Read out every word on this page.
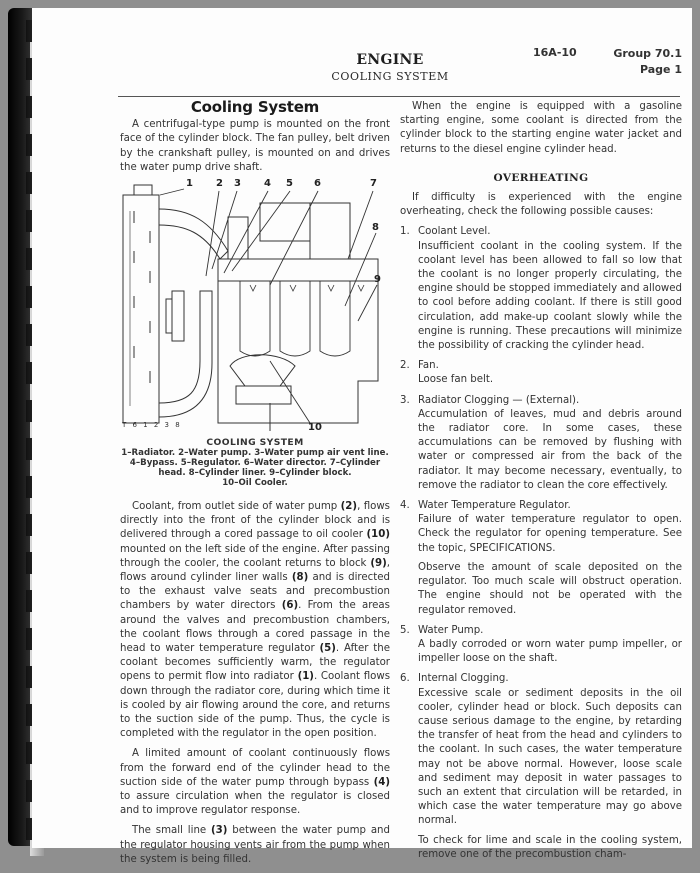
ENGINE
COOLING SYSTEM
16A-10	Group 70.1
Page 1
Cooling System

A centrifugal-type pump is mounted on the front face of the cylinder block. The fan pulley, belt driven by the crankshaft pulley, is mounted on and drives the water pump drive shaft.

1 2 3 4 5 6	7
8
9
10
T 6 1 2 3 8
COOLING SYSTEM
1–Radiator. 2–Water pump. 3–Water pump air vent line.
4–Bypass. 5–Regulator. 6–Water director. 7–Cylinder
head. 8–Cylinder liner. 9–Cylinder block.
10–Oil Cooler.

Coolant, from outlet side of water pump (2), flows directly into the front of the cylinder block and is delivered through a cored passage to oil cooler (10) mounted on the left side of the engine. After passing through the cooler, the coolant returns to block (9), flows around cylinder liner walls (8) and is directed to the exhaust valve seats and precombustion chambers by water directors (6). From the areas around the valves and precombustion chambers, the coolant flows through a cored passage in the head to water temperature regulator (5). After the coolant becomes sufficiently warm, the regulator opens to permit flow into radiator (1). Coolant flows down through the radiator core, during which time it is cooled by air flowing around the core, and returns to the suction side of the pump. Thus, the cycle is completed with the regulator in the open position.

A limited amount of coolant continuously flows from the forward end of the cylinder head to the suction side of the water pump through bypass (4) to assure circulation when the regulator is closed and to improve regulator response.

The small line (3) between the water pump and the regulator housing vents air from the pump when the system is being filled.

When the engine is equipped with a gasoline starting engine, some coolant is directed from the cylinder block to the starting engine water jacket and returns to the diesel engine cylinder head.

OVERHEATING

If difficulty is experienced with the engine overheating, check the following possible causes:

1. Coolant Level.

Insufficient coolant in the cooling system. If the coolant level has been allowed to fall so low that the coolant is no longer properly circulating, the engine should be stopped immediately and allowed to cool before adding coolant. If there is still good circulation, add make-up coolant slowly while the engine is running. These precautions will minimize the possibility of cracking the cylinder head.

2. Fan.

Loose fan belt.

3. Radiator Clogging — (External).

Accumulation of leaves, mud and debris around the radiator core. In some cases, these accumulations can be removed by flushing with water or compressed air from the back of the radiator. It may become necessary, eventually, to remove the radiator to clean the core effectively.

4. Water Temperature Regulator.

Failure of water temperature regulator to open. Check the regulator for opening temperature. See the topic, SPECIFICATIONS.

Observe the amount of scale deposited on the regulator. Too much scale will obstruct operation. The engine should not be operated with the regulator removed.

5. Water Pump.

A badly corroded or worn water pump impeller, or impeller loose on the shaft.

6. Internal Clogging.

Excessive scale or sediment deposits in the oil cooler, cylinder head or block. Such deposits can cause serious damage to the engine, by retarding the transfer of heat from the head and cylinders to the coolant. In such cases, the water temperature may not be above normal. However, loose scale and sediment may deposit in water passages to such an extent that circulation will be retarded, in which case the water temperature may go above normal.

To check for lime and scale in the cooling system, remove one of the precombustion cham-
